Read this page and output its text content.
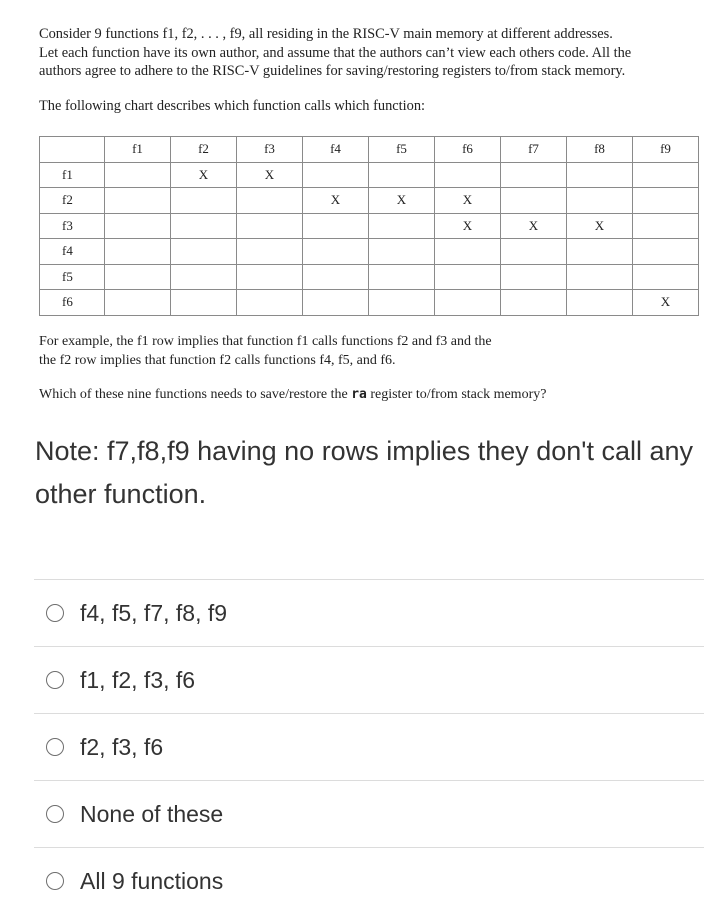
Consider 9 functions f1, f2, . . . , f9, all residing in the RISC-V main memory at different addresses.

Let each function have its own author, and assume that the authors can’t view each others code. All the

authors agree to adhere to the RISC-V guidelines for saving/restoring registers to/from stack memory.

The following chart describes which function calls which function:
	f1	f2	f3	f4	f5	f6	f7	f8	f9
f1		X	X						
f2				X	X	X			
f3						X	X	X	
f4									
f5									
f6									X

For example, the f1 row implies that function f1 calls functions f2 and f3 and the

the f2 row implies that function f2 calls functions f4, f5, and f6.

Which of these nine functions needs to save/restore the ra register to/from stack memory?
Note: f7,f8,f9 having no rows implies they don't call any other function.
f4, f5, f7, f8, f9
f1, f2, f3, f6
f2, f3, f6
None of these
All 9 functions
